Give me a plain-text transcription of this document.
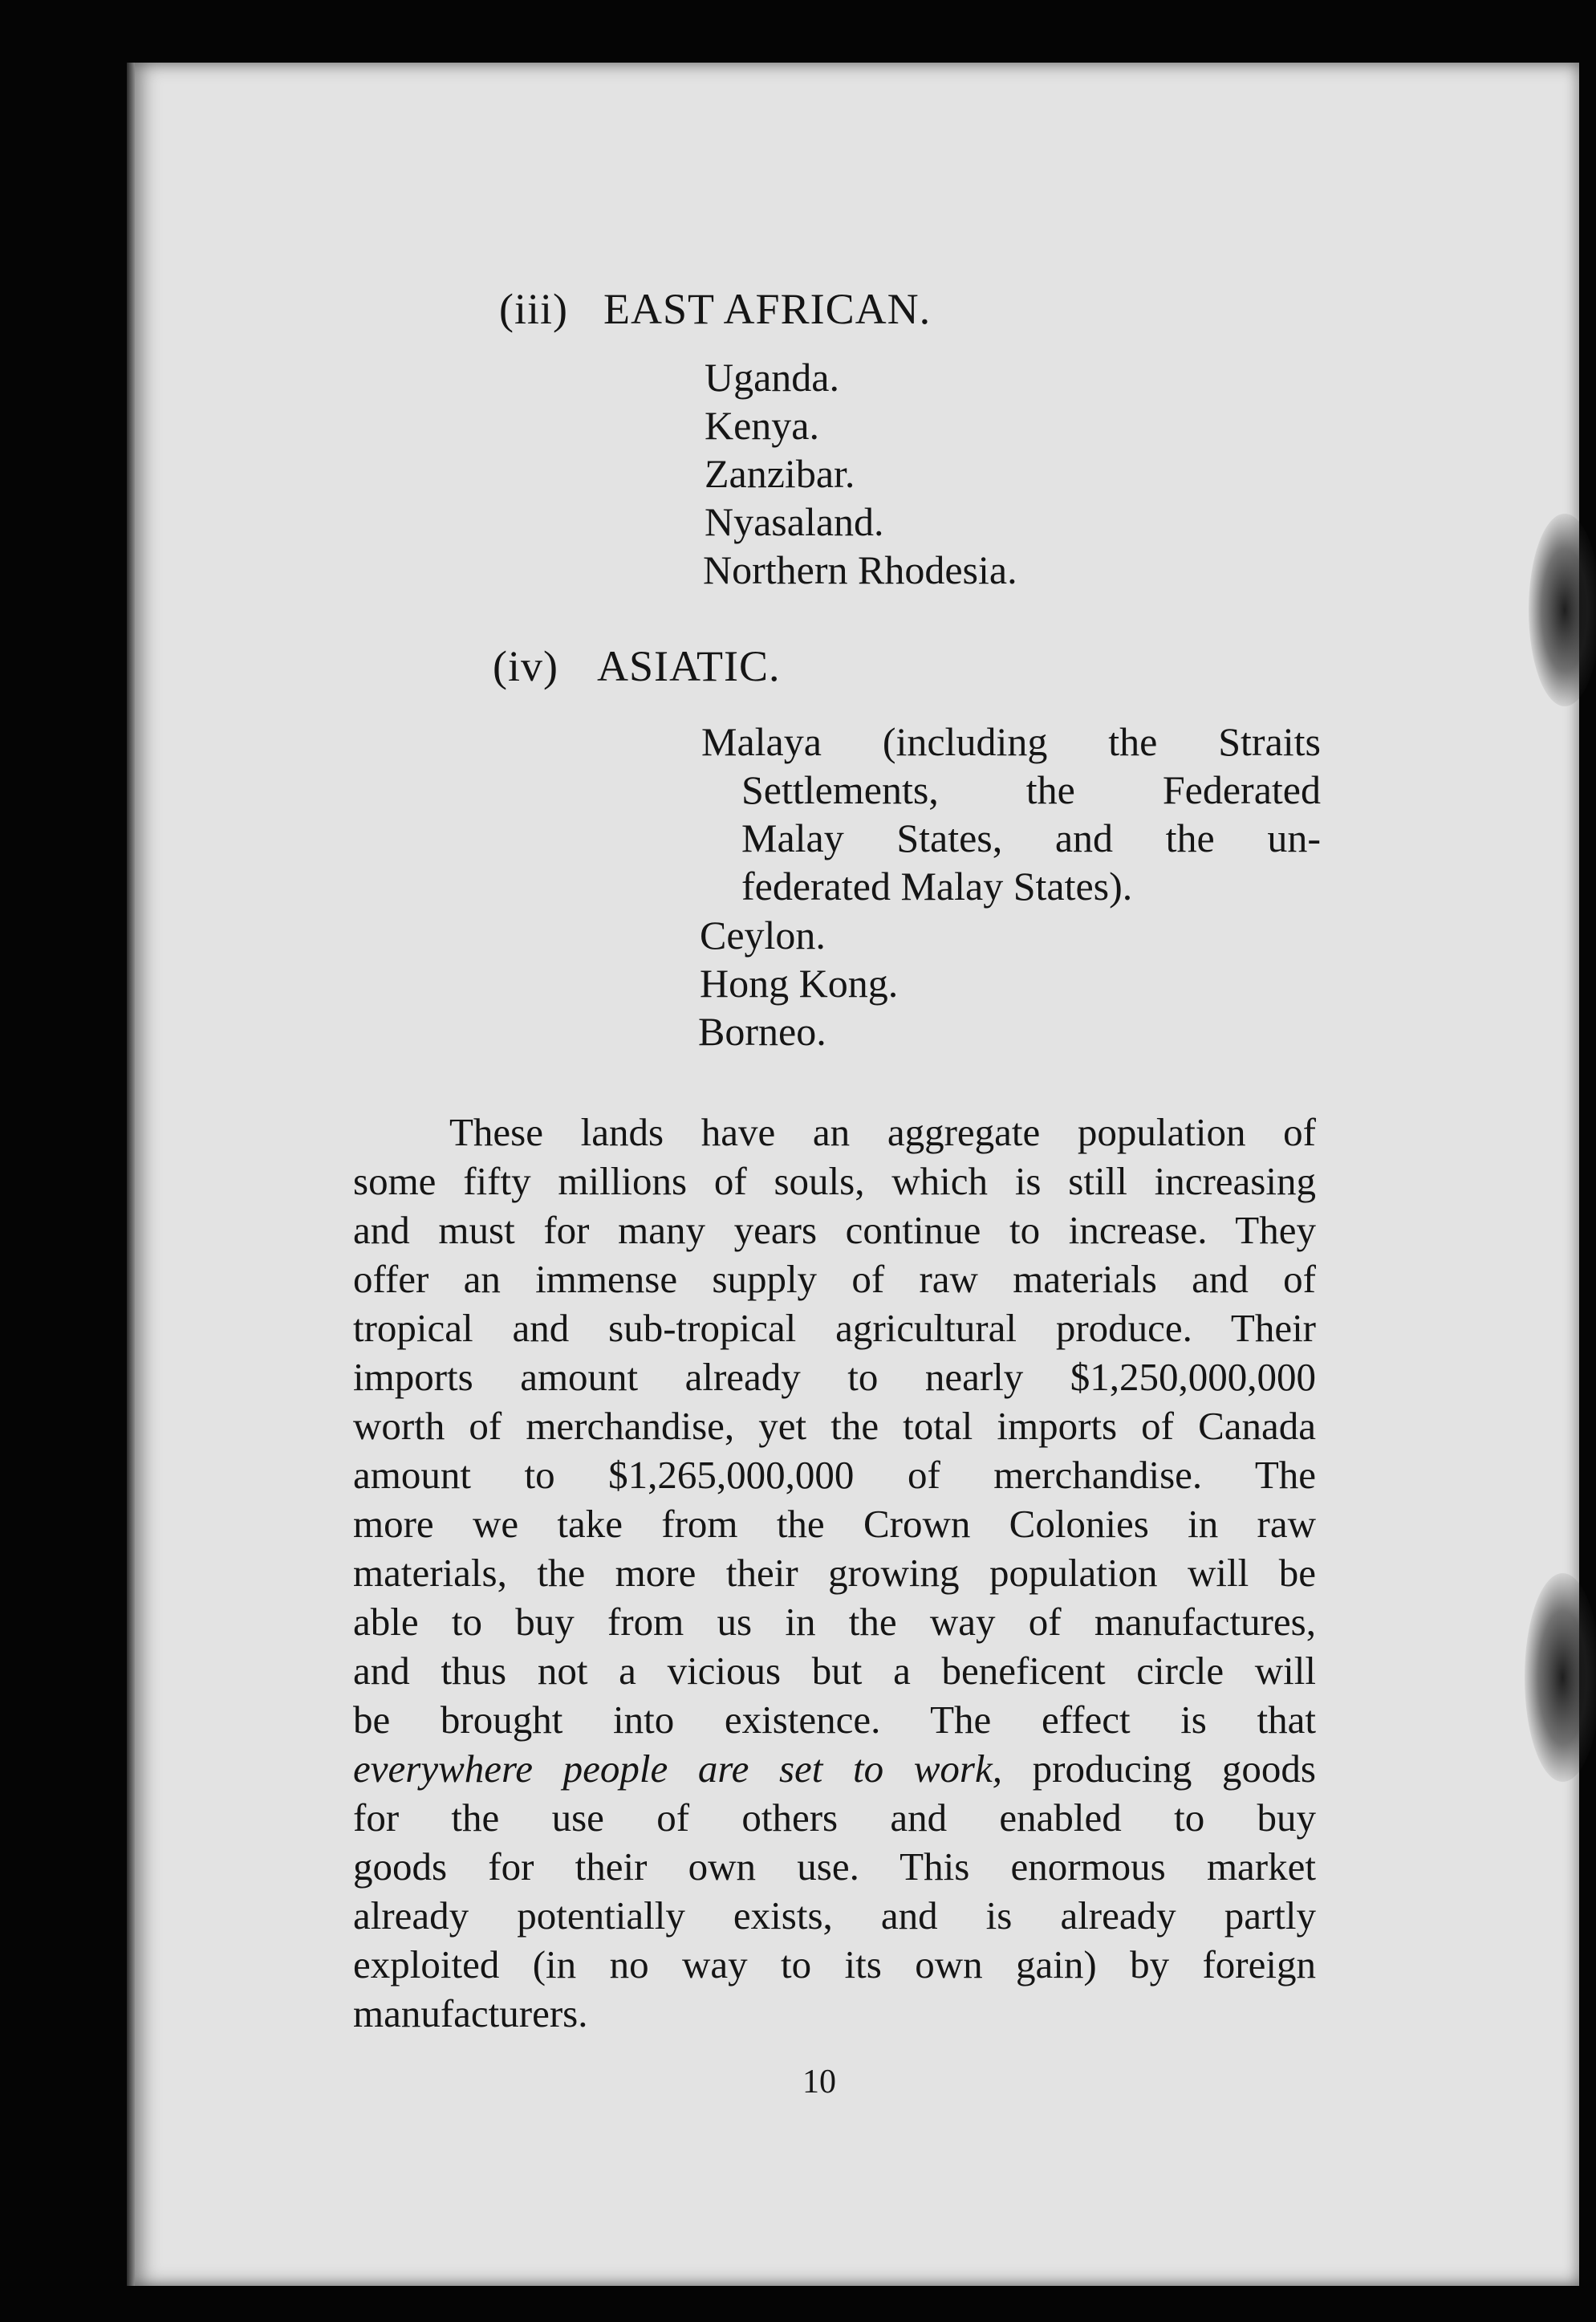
(iii) EAST AFRICAN.
Uganda.
Kenya.
Zanzibar.
Nyasaland.
Northern Rhodesia.
(iv) ASIATIC.
Malaya (including the Straits
Settlements, the Federated
Malay States, and the un-
federated Malay States).
Ceylon.
Hong Kong.
Borneo.
These lands have an aggregate population of
some fifty millions of souls, which is still increasing
and must for many years continue to increase. They
offer an immense supply of raw materials and of
tropical and sub-tropical agricultural produce. Their
imports amount already to nearly $1,250,000,000
worth of merchandise, yet the total imports of Canada
amount to $1,265,000,000 of merchandise. The
more we take from the Crown Colonies in raw
materials, the more their growing population will be
able to buy from us in the way of manufactures,
and thus not a vicious but a beneficent circle will
be brought into existence. The effect is that
everywhere people are set to work, producing goods
for the use of others and enabled to buy
goods for their own use. This enormous market
already potentially exists, and is already partly
exploited (in no way to its own gain) by foreign
manufacturers.
10
